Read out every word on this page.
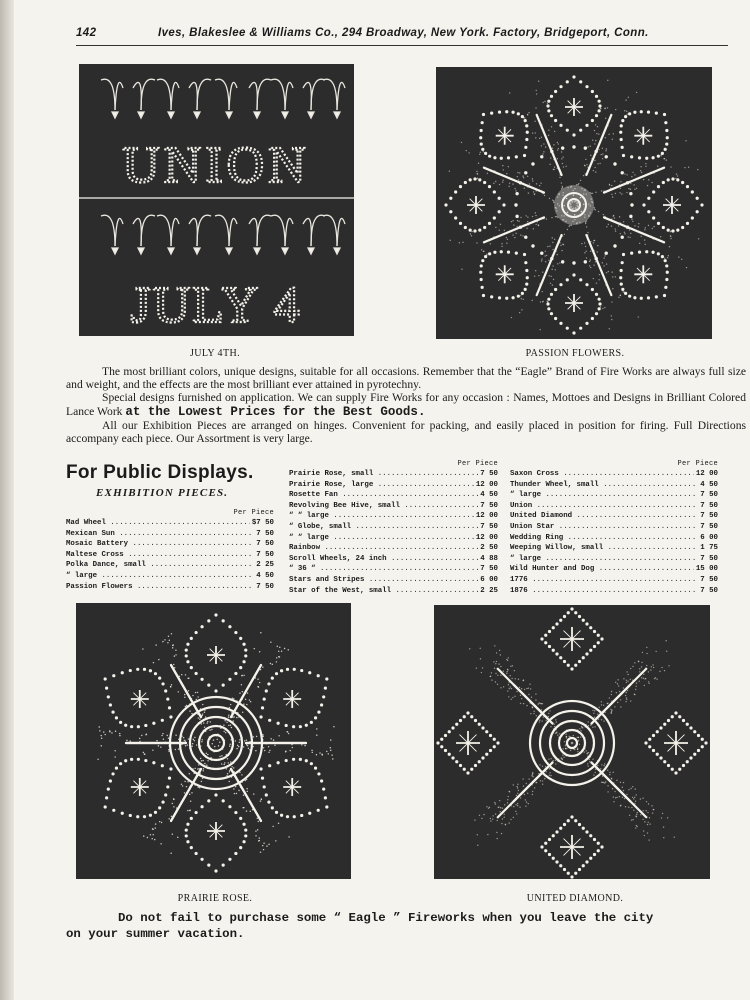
142	Ives, Blakeslee & Williams Co., 294 Broadway, New York. Factory, Bridgeport, Conn.
UNION
JULY 4
JULY 4TH.	PASSION FLOWERS.

The most brilliant colors, unique designs, suitable for all occasions. Remember that the “Eagle” Brand of Fire Works are always full size and weight, and the effects are the most brilliant ever attained in pyrotechny.

Special designs furnished on application. We can supply Fire Works for any occasion : Names, Mottoes and Designs in Brilliant Colored Lance Work at the Lowest Prices for the Best Goods.

All our Exhibition Pieces are arranged on hinges. Convenient for packing, and easily placed in position for firing. Full Directions accompany each piece. Our Assortment is very large.

For Public Displays.
EXHIBITION PIECES.
Per Piece
Mad Wheel .....	$7 50
Mexican Sun .....	7 50
Mosaic Battery .....	7 50
Maltese Cross .....	7 50
Polka Dance, small .....	2 25
“ large .....	4 50
Passion Flowers .....	7 50
Per Piece
Prairie Rose, small .....	7 50
Prairie Rose, large .....	12 00
Rosette Fan .....	4 50
Revolving Bee Hive, small .....	7 50
“ “ large .....	12 00
“ Globe, small .....	7 50
“ “ large .....	12 00
Rainbow .....	2 50
Scroll Wheels, 24 inch .....	4 88
“ 36 “ .....	7 50
Stars and Stripes .....	6 00
Star of the West, small .....	2 25
Per Piece
Saxon Cross .....	12 00
Thunder Wheel, small .....	4 50
“ large .....	7 50
Union .....	7 50
United Diamond .....	7 50
Union Star .....	7 50
Wedding Ring .....	6 00
Weeping Willow, small .....	1 75
“ large .....	7 50
Wild Hunter and Dog .....	15 00
1776 .....	7 50
1876 .....	7 50
PRAIRIE ROSE.	UNITED DIAMOND.
Do not fail to purchase some “ Eagle ” Fireworks when you leave the city
on your summer vacation.
